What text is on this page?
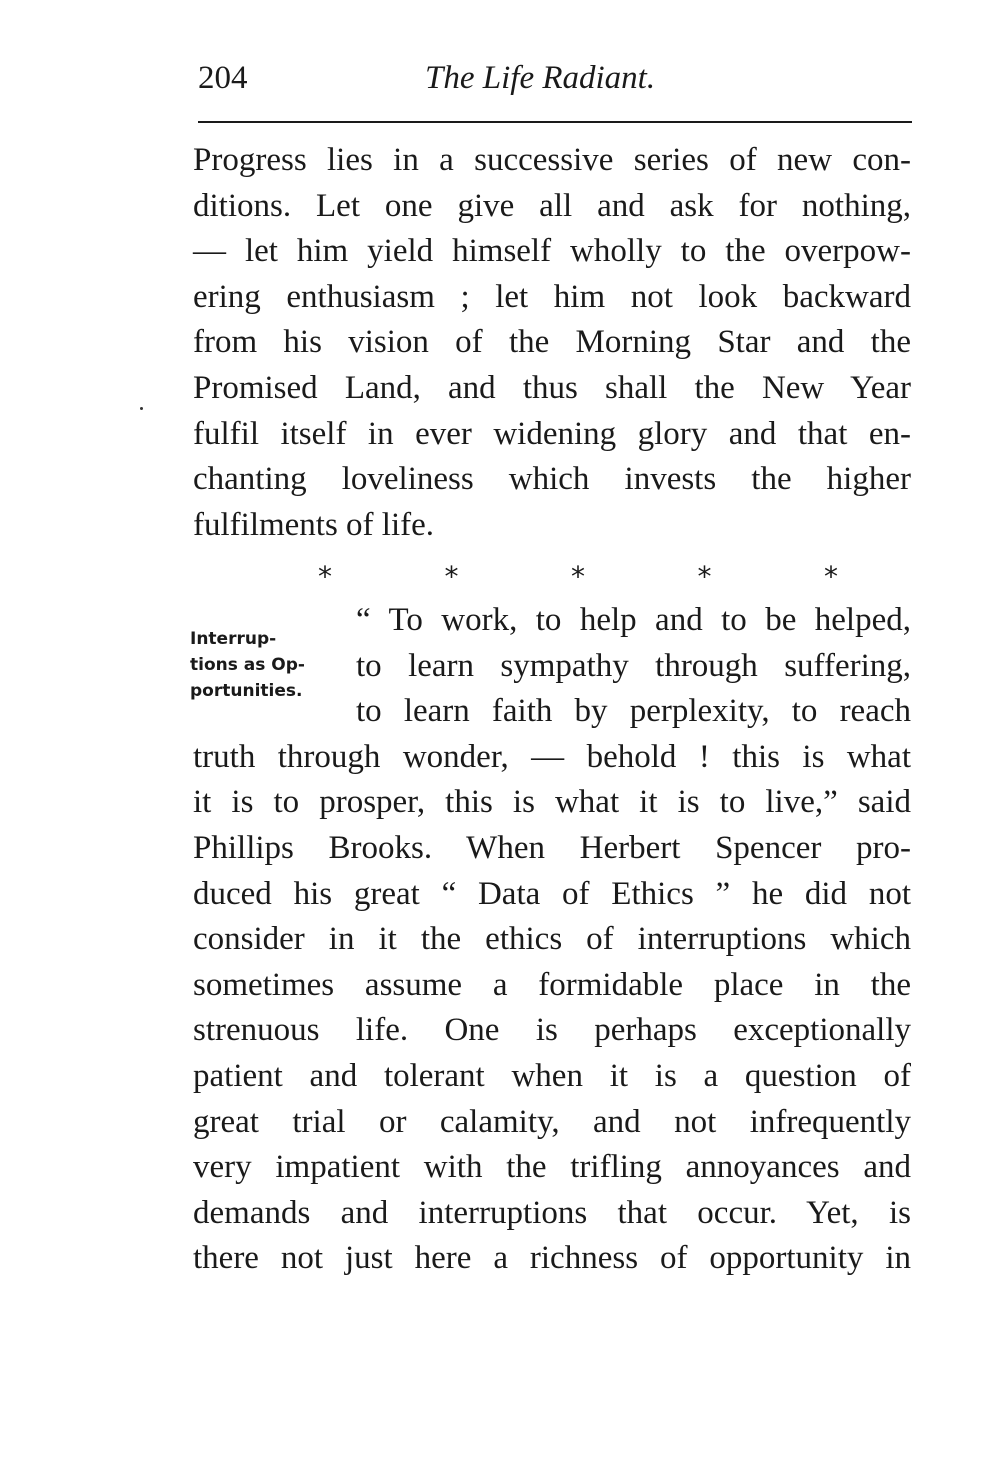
204	The Life Radiant.
Progress lies in a successive series of new con-
ditions. Let one give all and ask for nothing,
— let him yield himself wholly to the overpow-
ering enthusiasm ; let him not look backward
from his vision of the Morning Star and the
Promised Land, and thus shall the New Year
fulfil itself in ever widening glory and that en-
chanting loveliness which invests the higher
fulfilments of life.
*	*	*	*	*
Interrup-
tions as Op-
portunities.
“ To work, to help and to be helped,
to learn sympathy through suffering,
to learn faith by perplexity, to reach
truth through wonder, — behold ! this is what
it is to prosper, this is what it is to live,” said
Phillips Brooks. When Herbert Spencer pro-
duced his great “ Data of Ethics ” he did not
consider in it the ethics of interruptions which
sometimes assume a formidable place in the
strenuous life. One is perhaps exceptionally
patient and tolerant when it is a question of
great trial or calamity, and not infrequently
very impatient with the trifling annoyances and
demands and interruptions that occur. Yet, is
there not just here a richness of opportunity in
